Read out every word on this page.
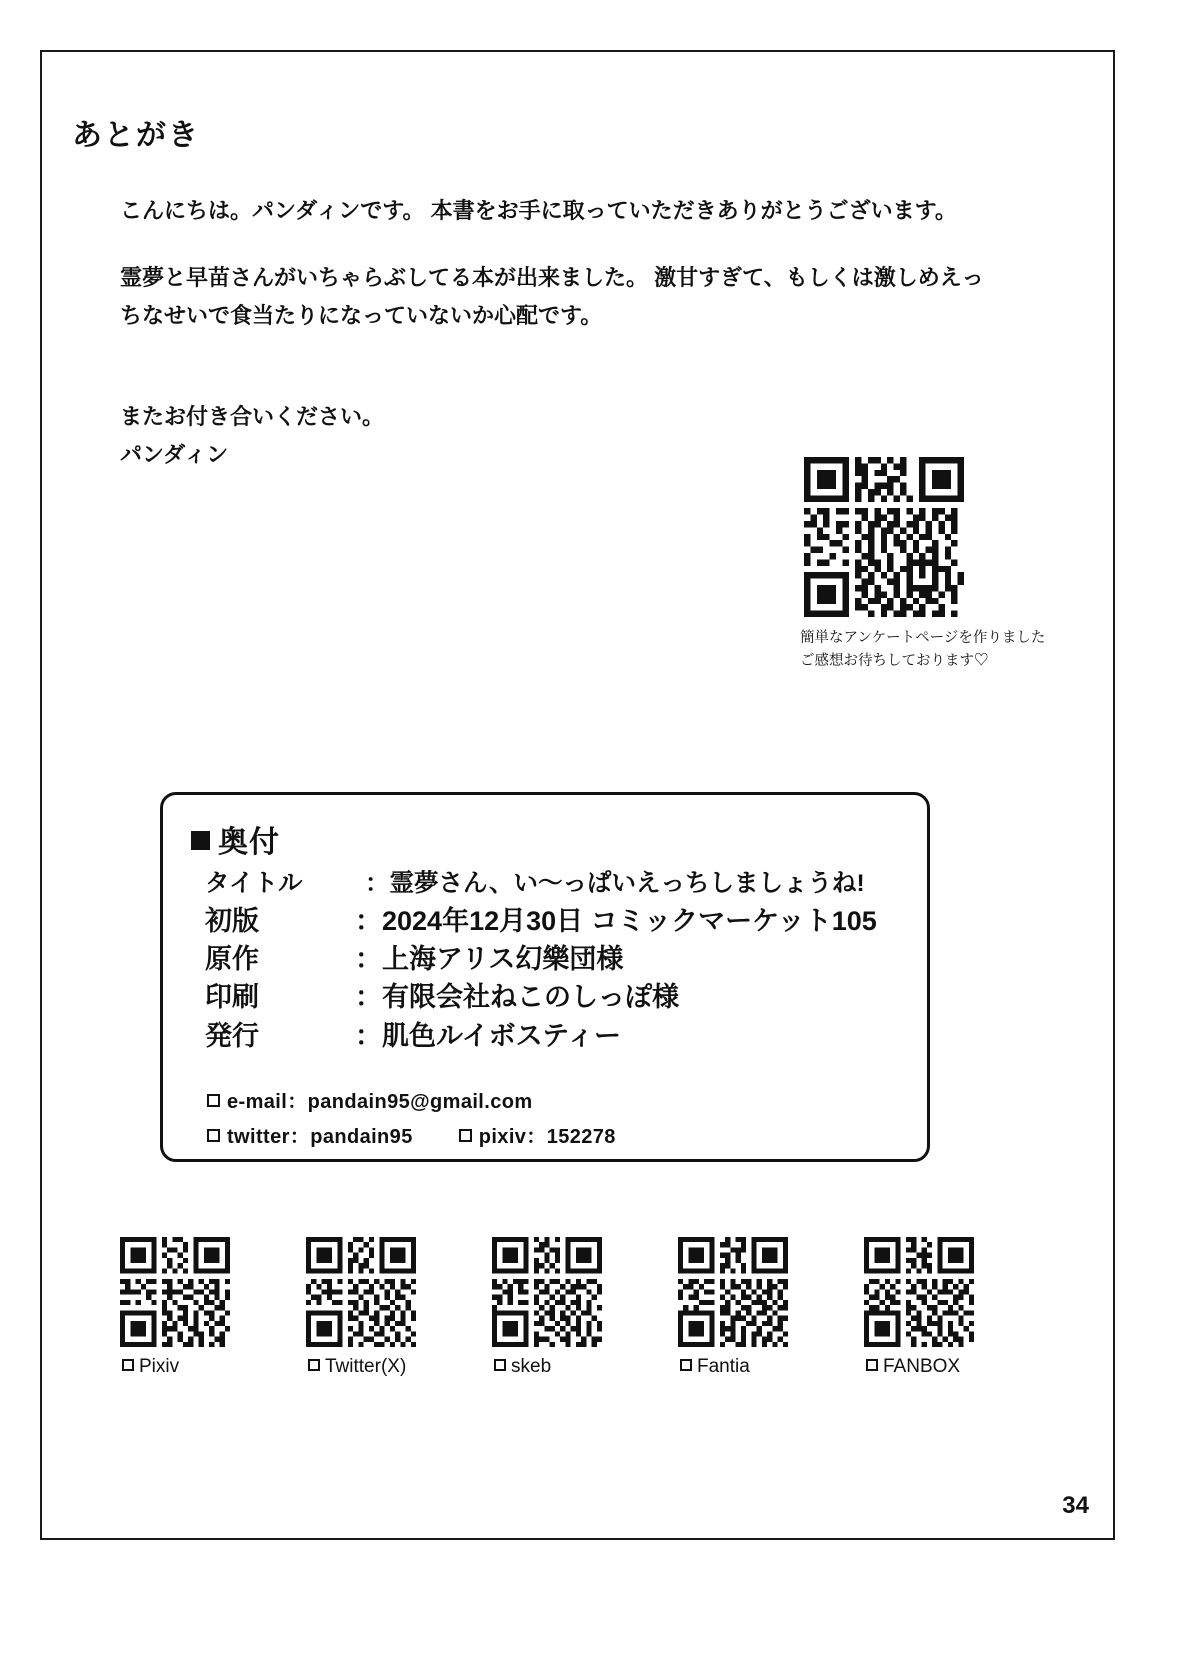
あとがき

こんにちは。パンダィンです。 本書をお手に取っていただきありがとうございます。

霊夢と早苗さんがいちゃらぶしてる本が出来ました。 激甘すぎて、もしくは激しめえっちなせいで食当たりになっていないか心配です。

またお付き合いください。
パンダィン
簡単なアンケートページを作りました
ご感想お待ちしております♡
奥付
タイトル	：霊夢さん、い〜っぱいえっちしましょうね!
初版	：2024年12月30日 コミックマーケット105
原作	：上海アリス幻樂団様
印刷	：有限会社ねこのしっぽ様
発行	：肌色ルイボスティー
e-mail：pandain95@gmail.com
twitter：pandain95	pixiv：152278
Pixiv	Twitter(X)	skeb	Fantia	FANBOX
34
